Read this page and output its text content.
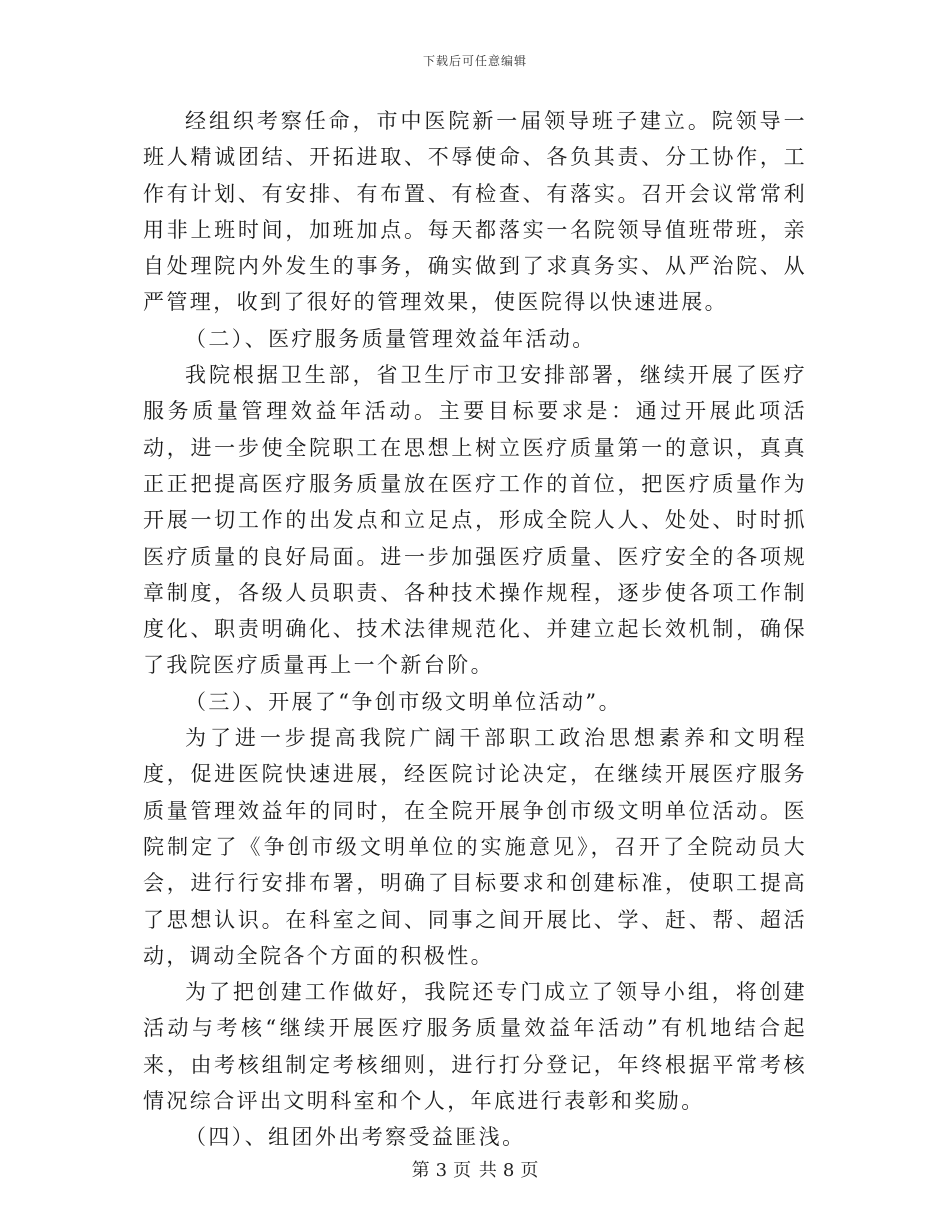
下载后可任意编辑

经组织考察任命，市中医院新一届领导班子建立。院领导一班人精诚团结、开拓进取、不辱使命、各负其责、分工协作，工作有计划、有安排、有布置、有检查、有落实。召开会议常常利用非上班时间，加班加点。每天都落实一名院领导值班带班，亲自处理院内外发生的事务，确实做到了求真务实、从严治院、从严管理，收到了很好的管理效果，使医院得以快速进展。

（二）、医疗服务质量管理效益年活动。

我院根据卫生部，省卫生厅市卫安排部署，继续开展了医疗服务质量管理效益年活动。主要目标要求是：通过开展此项活动，进一步使全院职工在思想上树立医疗质量第一的意识，真真正正把提高医疗服务质量放在医疗工作的首位，把医疗质量作为开展一切工作的出发点和立足点，形成全院人人、处处、时时抓医疗质量的良好局面。进一步加强医疗质量、医疗安全的各项规章制度，各级人员职责、各种技术操作规程，逐步使各项工作制度化、职责明确化、技术法律规范化、并建立起长效机制，确保了我院医疗质量再上一个新台阶。

（三）、开展了“争创市级文明单位活动”。

为了进一步提高我院广阔干部职工政治思想素养和文明程度，促进医院快速进展，经医院讨论决定，在继续开展医疗服务质量管理效益年的同时，在全院开展争创市级文明单位活动。医院制定了《争创市级文明单位的实施意见》，召开了全院动员大会，进行行安排布署，明确了目标要求和创建标准，使职工提高了思想认识。在科室之间、同事之间开展比、学、赶、帮、超活动，调动全院各个方面的积极性。

为了把创建工作做好，我院还专门成立了领导小组，将创建活动与考核“继续开展医疗服务质量效益年活动”有机地结合起来，由考核组制定考核细则，进行打分登记，年终根据平常考核情况综合评出文明科室和个人，年底进行表彰和奖励。

（四）、组团外出考察受益匪浅。

第 3 页 共 8 页
